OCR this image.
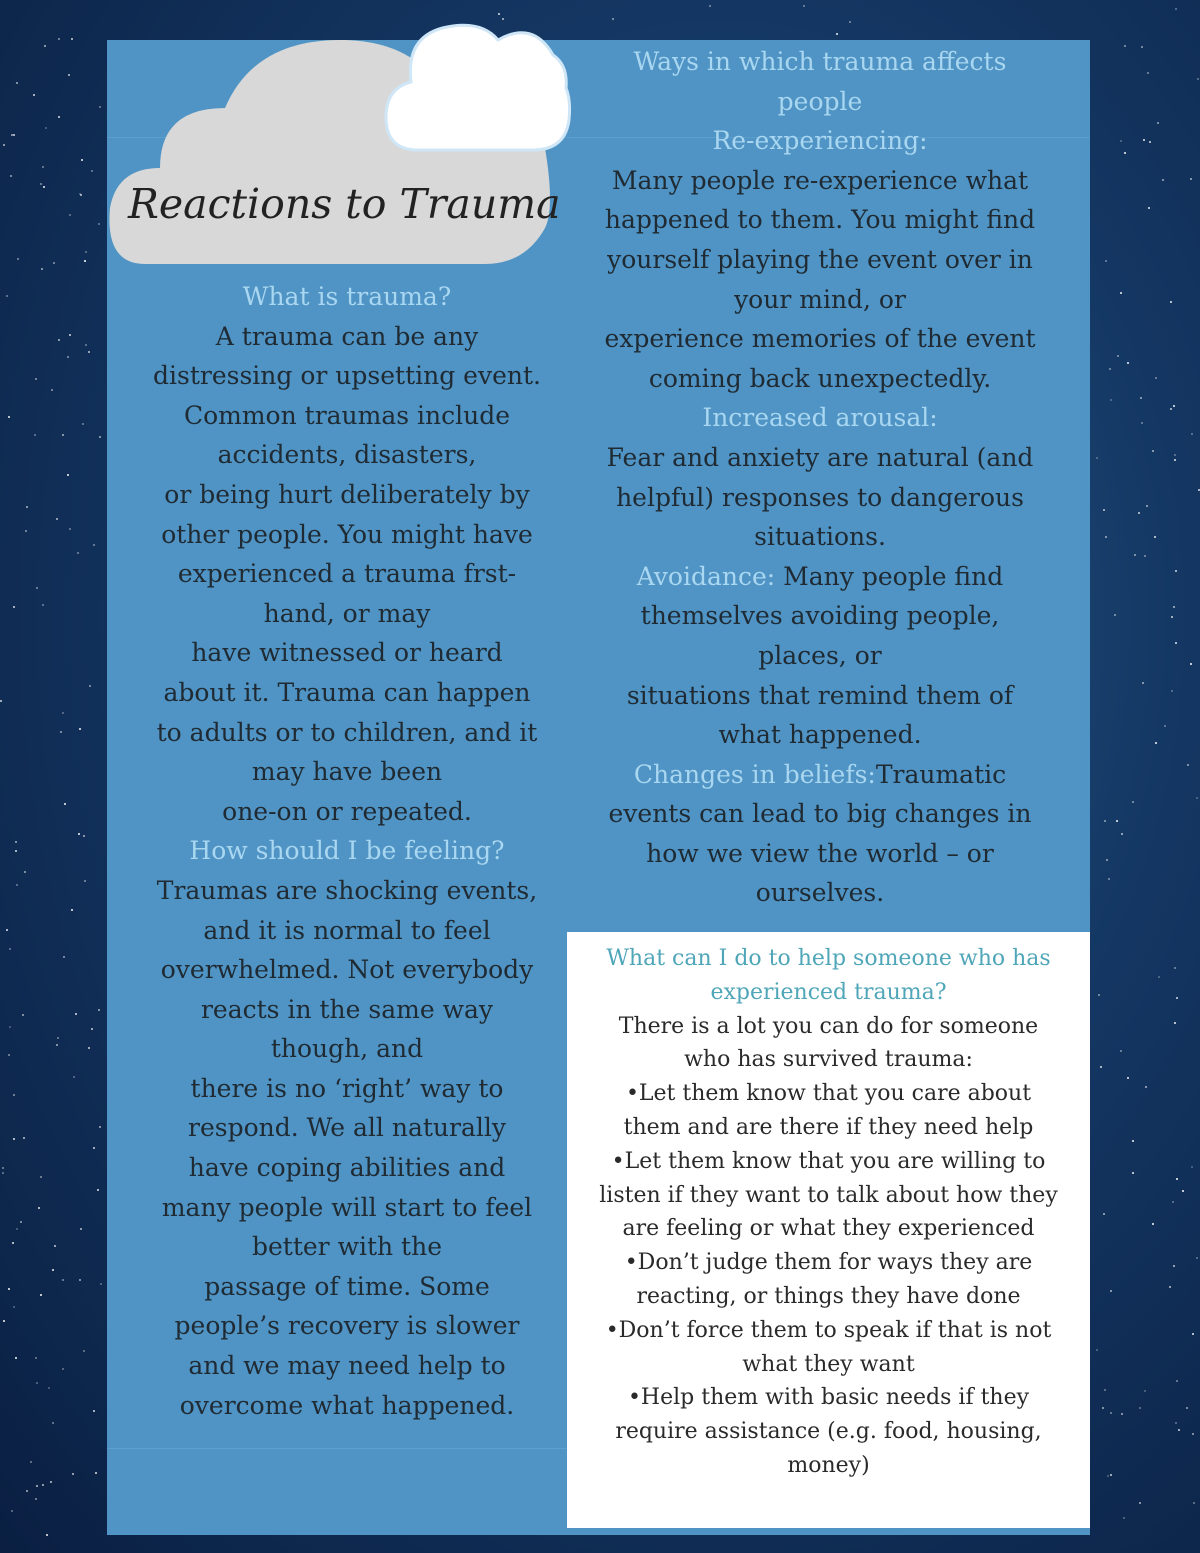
Reactions to Trauma
What is trauma?
A trauma can be any
distressing or upsetting event.
Common traumas include
accidents, disasters,
or being hurt deliberately by
other people. You might have
experienced a trauma frst-
hand, or may
have witnessed or heard
about it. Trauma can happen
to adults or to children, and it
may have been
one-on or repeated.
How should I be feeling?
Traumas are shocking events,
and it is normal to feel
overwhelmed. Not everybody
reacts in the same way
though, and
there is no ‘right’ way to
respond. We all naturally
have coping abilities and
many people will start to feel
better with the
passage of time. Some
people’s recovery is slower
and we may need help to
overcome what happened.
Ways in which trauma affects
people
Re-experiencing:
Many people re-experience what
happened to them. You might find
yourself playing the event over in
your mind, or
experience memories of the event
coming back unexpectedly.
Increased arousal:
Fear and anxiety are natural (and
helpful) responses to dangerous
situations.
Avoidance: Many people find
themselves avoiding people,
places, or
situations that remind them of
what happened.
Changes in beliefs:Traumatic
events can lead to big changes in
how we view the world – or
ourselves.
What can I do to help someone who has
experienced trauma?
There is a lot you can do for someone
who has survived trauma:
•Let them know that you care about
them and are there if they need help
•Let them know that you are willing to
listen if they want to talk about how they
are feeling or what they experienced
•Don’t judge them for ways they are
reacting, or things they have done
•Don’t force them to speak if that is not
what they want
•Help them with basic needs if they
require assistance (e.g. food, housing,
money)
